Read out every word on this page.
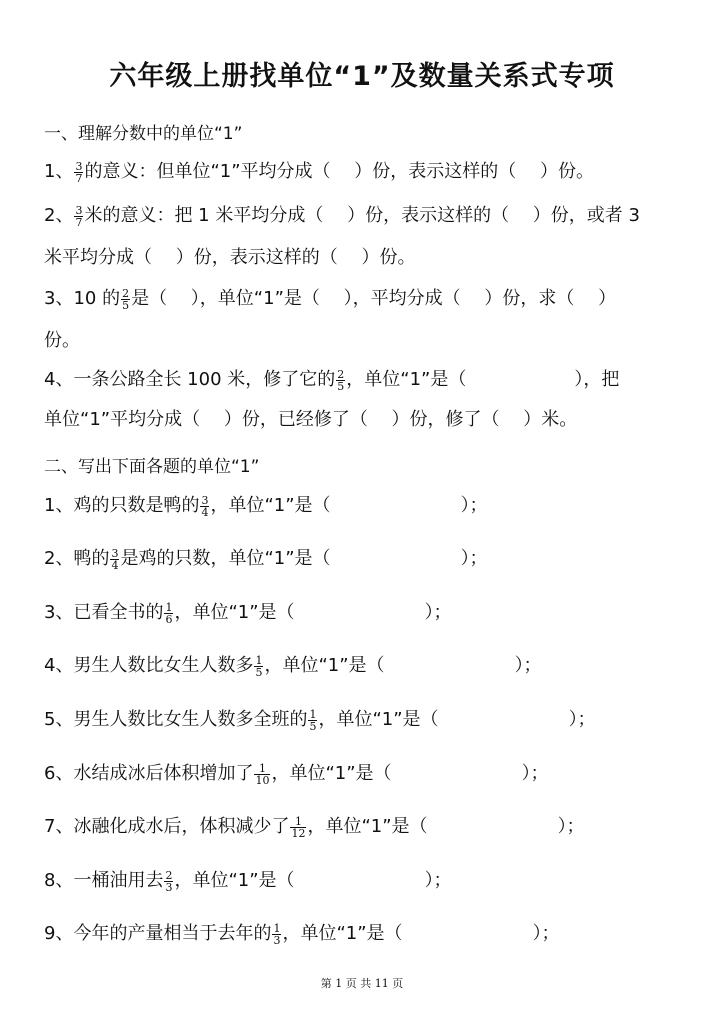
六年级上册找单位“1”及数量关系式专项
一、理解分数中的单位“1”
1、 $\frac{3}{7}$ 的意义：但单位“1”平均分成（　 ）份，表示这样的（　 ）份。
2、 $\frac{3}{7}$ 米的意义：把 1 米平均分成（　 ）份，表示这样的（　 ）份，或者 3
米平均分成（　 ）份，表示这样的（　 ）份。
3、10 的 $\frac{2}{5}$ 是（　 ），单位“1”是（　 ），平均分成（　 ）份，求（　 ）
份。
4、一条公路全长 100 米，修了它的 $\frac{2}{5}$ ，单位“1”是（　　　　　　），把
单位“1”平均分成（　 ）份，已经修了（　 ）份，修了（　 ）米。
二、写出下面各题的单位“1”
1、鸡的只数是鸭的 $\frac{3}{4}$ ，单位“1”是（	）；
2、鸭的 $\frac{3}{4}$ 是鸡的只数，单位“1”是（	）；
3、已看全书的 $\frac{1}{6}$ ，单位“1”是（	）；
4、男生人数比女生人数多 $\frac{1}{5}$ ，单位“1”是（	）；
5、男生人数比女生人数多全班的 $\frac{1}{5}$ ，单位“1”是（	）；
6、水结成冰后体积增加了 $\frac{1}{10}$ ，单位“1”是（	）；
7、冰融化成水后，体积减少了 $\frac{1}{12}$ ，单位“1”是（	）；
8、一桶油用去 $\frac{2}{3}$ ，单位“1”是（	）；
9、今年的产量相当于去年的 $\frac{1}{3}$ ，单位“1”是（	）；
第 1 页 共 11 页
